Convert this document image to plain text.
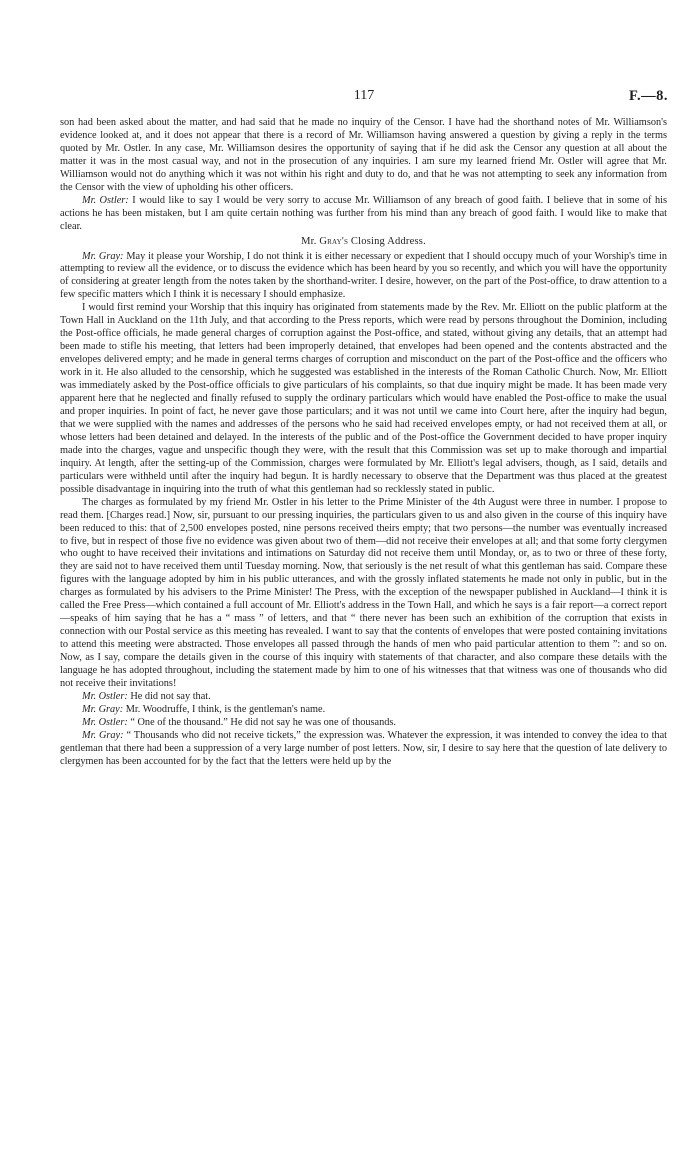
117	F.—8.

son had been asked about the matter, and had said that he made no inquiry of the Censor. I have had the shorthand notes of Mr. Williamson's evidence looked at, and it does not appear that there is a record of Mr. Williamson having answered a question by giving a reply in the terms quoted by Mr. Ostler. In any case, Mr. Williamson desires the opportunity of saying that if he did ask the Censor any question at all about the matter it was in the most casual way, and not in the prosecution of any inquiries. I am sure my learned friend Mr. Ostler will agree that Mr. Williamson would not do anything which it was not within his right and duty to do, and that he was not attempting to seek any information from the Censor with the view of upholding his other officers.

Mr. Ostler: I would like to say I would be very sorry to accuse Mr. Williamson of any breach of good faith. I believe that in some of his actions he has been mistaken, but I am quite certain nothing was further from his mind than any breach of good faith. I would like to make that clear.

Mr. Gray's Closing Address.

Mr. Gray: May it please your Worship, I do not think it is either necessary or expedient that I should occupy much of your Worship's time in attempting to review all the evidence, or to discuss the evidence which has been heard by you so recently, and which you will have the opportunity of considering at greater length from the notes taken by the shorthand-writer. I desire, however, on the part of the Post-office, to draw attention to a few specific matters which I think it is necessary I should emphasize.

I would first remind your Worship that this inquiry has originated from statements made by the Rev. Mr. Elliott on the public platform at the Town Hall in Auckland on the 11th July, and that according to the Press reports, which were read by persons throughout the Dominion, including the Post-office officials, he made general charges of corruption against the Post-office, and stated, without giving any details, that an attempt had been made to stifle his meeting, that letters had been improperly detained, that envelopes had been opened and the contents abstracted and the envelopes delivered empty; and he made in general terms charges of corruption and misconduct on the part of the Post-office and the officers who work in it. He also alluded to the censorship, which he suggested was established in the interests of the Roman Catholic Church. Now, Mr. Elliott was immediately asked by the Post-office officials to give particulars of his complaints, so that due inquiry might be made. It has been made very apparent here that he neglected and finally refused to supply the ordinary particulars which would have enabled the Post-office to make the usual and proper inquiries. In point of fact, he never gave those particulars; and it was not until we came into Court here, after the inquiry had begun, that we were supplied with the names and addresses of the persons who he said had received envelopes empty, or had not received them at all, or whose letters had been detained and delayed. In the interests of the public and of the Post-office the Government decided to have proper inquiry made into the charges, vague and unspecific though they were, with the result that this Commission was set up to make thorough and impartial inquiry. At length, after the setting-up of the Commission, charges were formulated by Mr. Elliott's legal advisers, though, as I said, details and particulars were withheld until after the inquiry had begun. It is hardly necessary to observe that the Department was thus placed at the greatest possible disadvantage in inquiring into the truth of what this gentleman had so recklessly stated in public.

The charges as formulated by my friend Mr. Ostler in his letter to the Prime Minister of the 4th August were three in number. I propose to read them. [Charges read.] Now, sir, pursuant to our pressing inquiries, the particulars given to us and also given in the course of this inquiry have been reduced to this: that of 2,500 envelopes posted, nine persons received theirs empty; that two persons—the number was eventually increased to five, but in respect of those five no evidence was given about two of them—did not receive their envelopes at all; and that some forty clergymen who ought to have received their invitations and intimations on Saturday did not receive them until Monday, or, as to two or three of these forty, they are said not to have received them until Tuesday morning. Now, that seriously is the net result of what this gentleman has said. Compare these figures with the language adopted by him in his public utterances, and with the grossly inflated statements he made not only in public, but in the charges as formulated by his advisers to the Prime Minister! The Press, with the exception of the newspaper published in Auckland—I think it is called the Free Press—which contained a full account of Mr. Elliott's address in the Town Hall, and which he says is a fair report—a correct report—speaks of him saying that he has a “ mass ” of letters, and that “ there never has been such an exhibition of the corruption that exists in connection with our Postal service as this meeting has revealed. I want to say that the contents of envelopes that were posted containing invitations to attend this meeting were abstracted. Those envelopes all passed through the hands of men who paid particular attention to them ”: and so on. Now, as I say, compare the details given in the course of this inquiry with statements of that character, and also compare these details with the language he has adopted throughout, including the statement made by him to one of his witnesses that that witness was one of thousands who did not receive their invitations!

Mr. Ostler: He did not say that.

Mr. Gray: Mr. Woodruffe, I think, is the gentleman's name.

Mr. Ostler: “ One of the thousand.” He did not say he was one of thousands.

Mr. Gray: “ Thousands who did not receive tickets,” the expression was. Whatever the expression, it was intended to convey the idea to that gentleman that there had been a suppression of a very large number of post letters. Now, sir, I desire to say here that the question of late delivery to clergymen has been accounted for by the fact that the letters were held up by the
